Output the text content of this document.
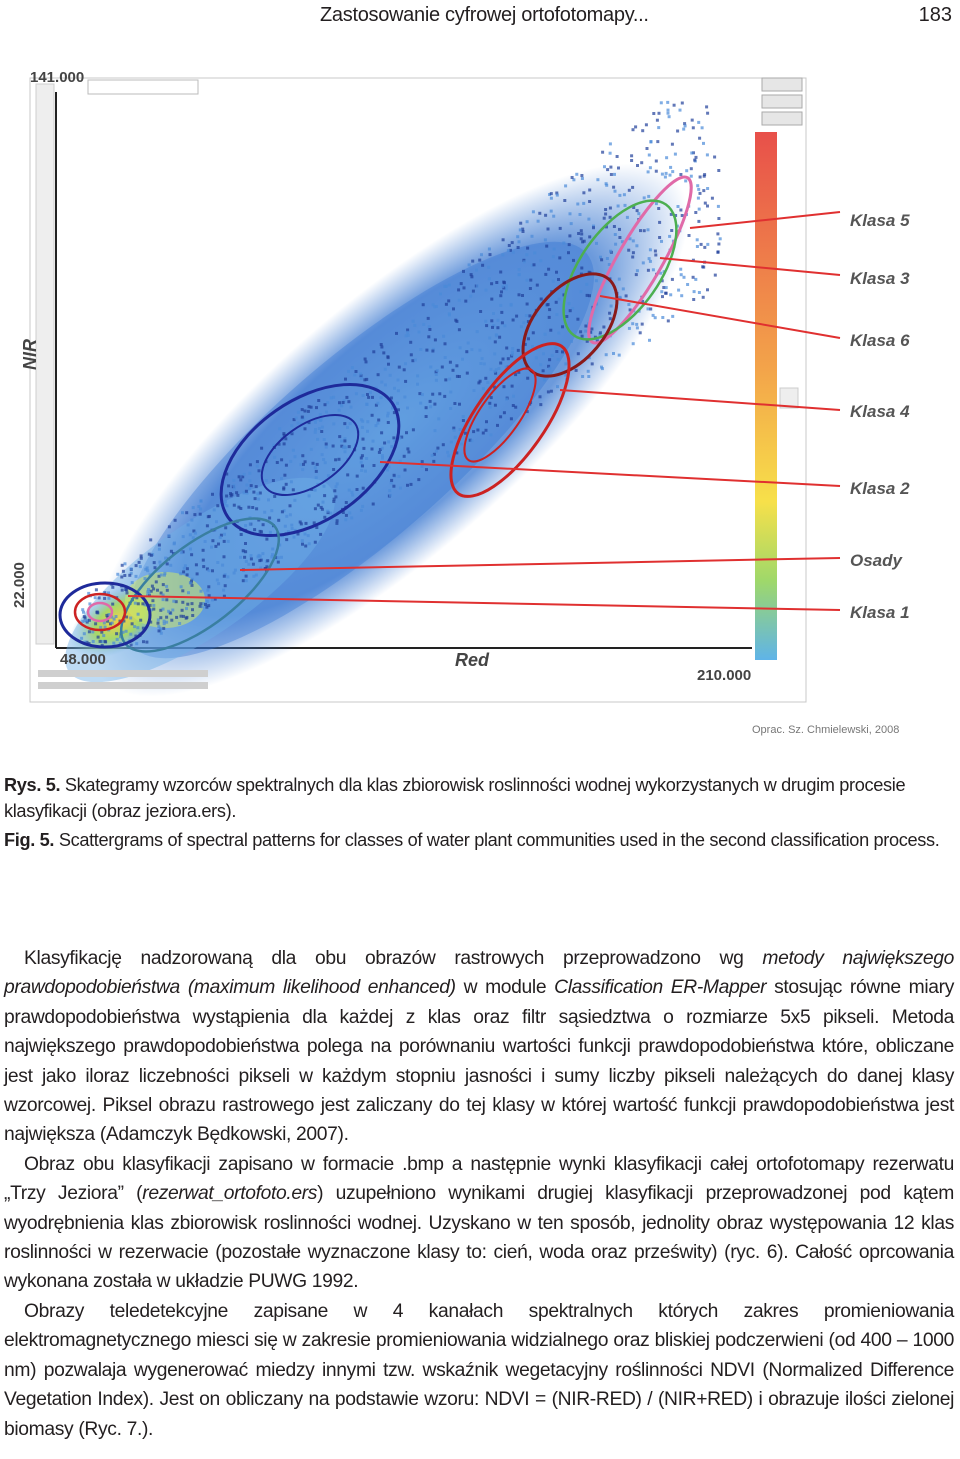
Zastosowanie cyfrowej ortofotomapy...	183
141.000
22.000
NIR
48.000	Red
210.000
Klasa 5
Klasa 3
Klasa 6
Klasa 4
Klasa 2
Osady
Klasa 1
Oprac. Sz. Chmielewski, 2008
Rys. 5. Skategramy wzorców spektralnych dla klas zbiorowisk roslinności wodnej wykorzystanych w drugim procesie klasyfikacji (obraz jeziora.ers).
Fig. 5. Scattergrams of spectral patterns for classes of water plant communities used in the second classification process.

Klasyfikację nadzorowaną dla obu obrazów rastrowych przeprowadzono wg metody największego prawdopodobieństwa (maximum likelihood enhanced) w module Classification ER-Mapper stosując równe miary prawdopodobieństwa wystąpienia dla każdej z klas oraz filtr sąsiedztwa o rozmiarze 5x5 pikseli. Metoda największego prawdopodobieństwa polega na porównaniu wartości funkcji prawdopodobieństwa które, obliczane jest jako iloraz liczebności pikseli w każdym stopniu jasności i sumy liczby pikseli należących do danej klasy wzorcowej. Piksel obrazu rastrowego jest zaliczany do tej klasy w której wartość funkcji prawdopodobieństwa jest największa (Adamczyk Będkowski, 2007).

Obraz obu klasyfikacji zapisano w formacie .bmp a następnie wynki klasyfikacji całej ortofotomapy rezerwatu „Trzy Jeziora” (rezerwat_ortofoto.ers) uzupełniono wynikami drugiej klasyfikacji przeprowadzonej pod kątem wyodrębnienia klas zbiorowisk roslinności wodnej. Uzyskano w ten sposób, jednolity obraz występowania 12 klas roslinności w rezerwacie (pozostałe wyznaczone klasy to: cień, woda oraz prześwity) (ryc. 6). Całość oprcowania wykonana została w układzie PUWG 1992.

Obrazy teledetekcyjne zapisane w 4 kanałach spektralnych których zakres promieniowania elektromagnetycznego miesci się w zakresie promieniowania widzialnego oraz bliskiej podczerwieni (od 400 – 1000 nm) pozwalaja wygenerować miedzy innymi tzw. wskaźnik wegetacyjny roślinności NDVI (Normalized Difference Vegetation Index). Jest on obliczany na podstawie wzoru: NDVI = (NIR-RED) / (NIR+RED) i obrazuje ilości zielonej biomasy (Ryc. 7.).
